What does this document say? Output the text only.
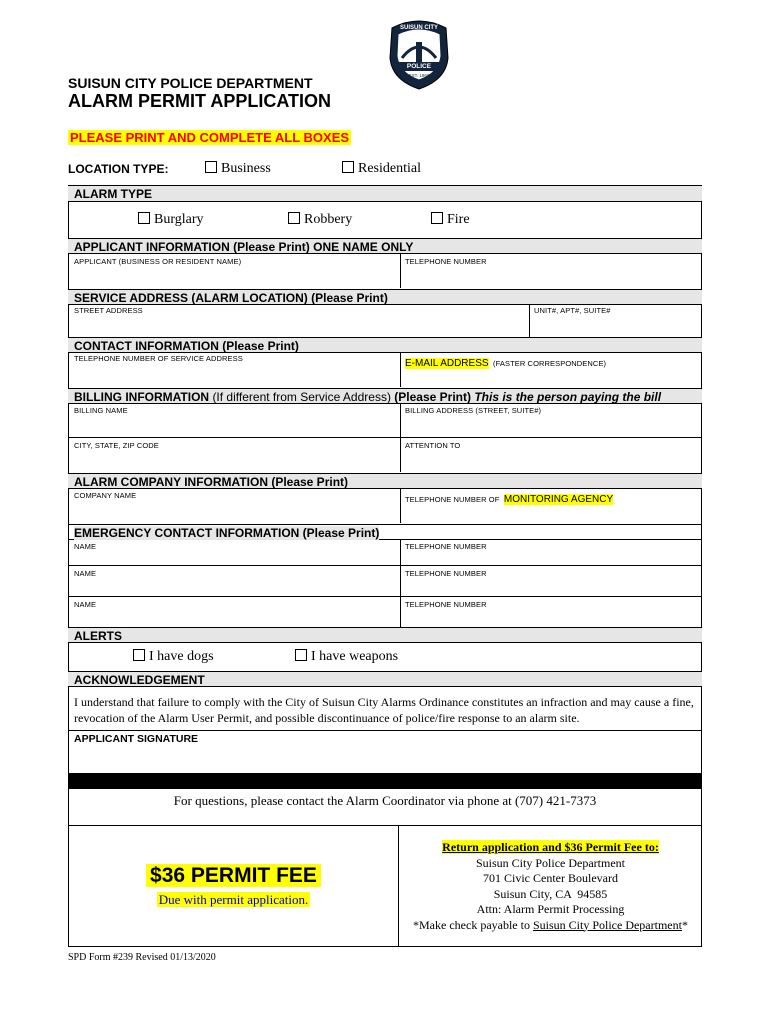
SUISUN CITY
POLICE
EST. 1868
SUISUN CITY POLICE DEPARTMENT
ALARM PERMIT APPLICATION
PLEASE PRINT AND COMPLETE ALL BOXES
LOCATION TYPE:	Business	Residential
ALARM TYPE
Burglary	Robbery	Fire
APPLICANT INFORMATION (Please Print) ONE NAME ONLY
APPLICANT (BUSINESS OR RESIDENT NAME)	TELEPHONE NUMBER
SERVICE ADDRESS (ALARM LOCATION) (Please Print)
STREET ADDRESS	UNIT#, APT#, SUITE#
CONTACT INFORMATION (Please Print)
TELEPHONE NUMBER OF SERVICE ADDRESS	E-MAIL ADDRESS (FASTER CORRESPONDENCE)
BILLING INFORMATION (If different from Service Address) (Please Print) This is the person paying the bill
BILLING NAME	BILLING ADDRESS (STREET, SUITE#)
CITY, STATE, ZIP CODE	ATTENTION TO
ALARM COMPANY INFORMATION (Please Print)
COMPANY NAME	TELEPHONE NUMBER OF MONITORING AGENCY
EMERGENCY CONTACT INFORMATION (Please Print)
NAME	TELEPHONE NUMBER
NAME	TELEPHONE NUMBER
NAME	TELEPHONE NUMBER
ALERTS
I have dogs	I have weapons
ACKNOWLEDGEMENT
I understand that failure to comply with the City of Suisun City Alarms Ordinance constitutes an infraction and may cause a fine, revocation of the Alarm User Permit, and possible discontinuance of police/fire response to an alarm site.
APPLICANT SIGNATURE
For questions, please contact the Alarm Coordinator via phone at (707) 421-7373
$36 PERMIT FEE
Due with permit application.
Return application and $36 Permit Fee to:
Suisun City Police Department
701 Civic Center Boulevard
Suisun City, CA  94585
Attn: Alarm Permit Processing
*Make check payable to Suisun City Police Department*
SPD Form #239 Revised 01/13/2020
